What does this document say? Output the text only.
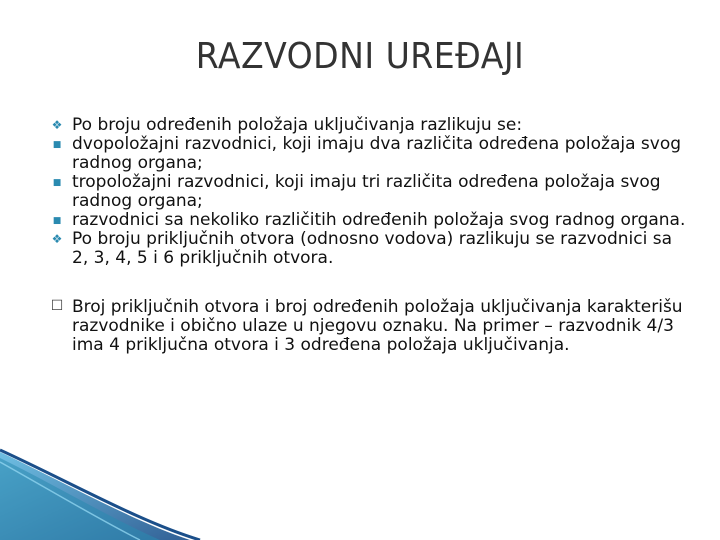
RAZVODNI UREĐAJI
❖ Po broju određenih položaja uključivanja razlikuju se:
■ dvopoložajni razvodnici, koji imaju dva različita određena položaja svog radnog organa;
■ tropoložajni razvodnici, koji imaju tri različita određena položaja svog radnog organa;
■ razvodnici sa nekoliko različitih određenih položaja svog radnog organa.
❖ Po broju priključnih otvora (odnosno vodova) razlikuju se razvodnici sa 2, 3, 4, 5 i 6 priključnih otvora.
☐ Broj priključnih otvora i broj određenih položaja uključivanja karakterišu razvodnike i obično ulaze u njegovu oznaku. Na primer – razvodnik 4/3 ima 4 priključna otvora i 3 određena položaja uključivanja.
